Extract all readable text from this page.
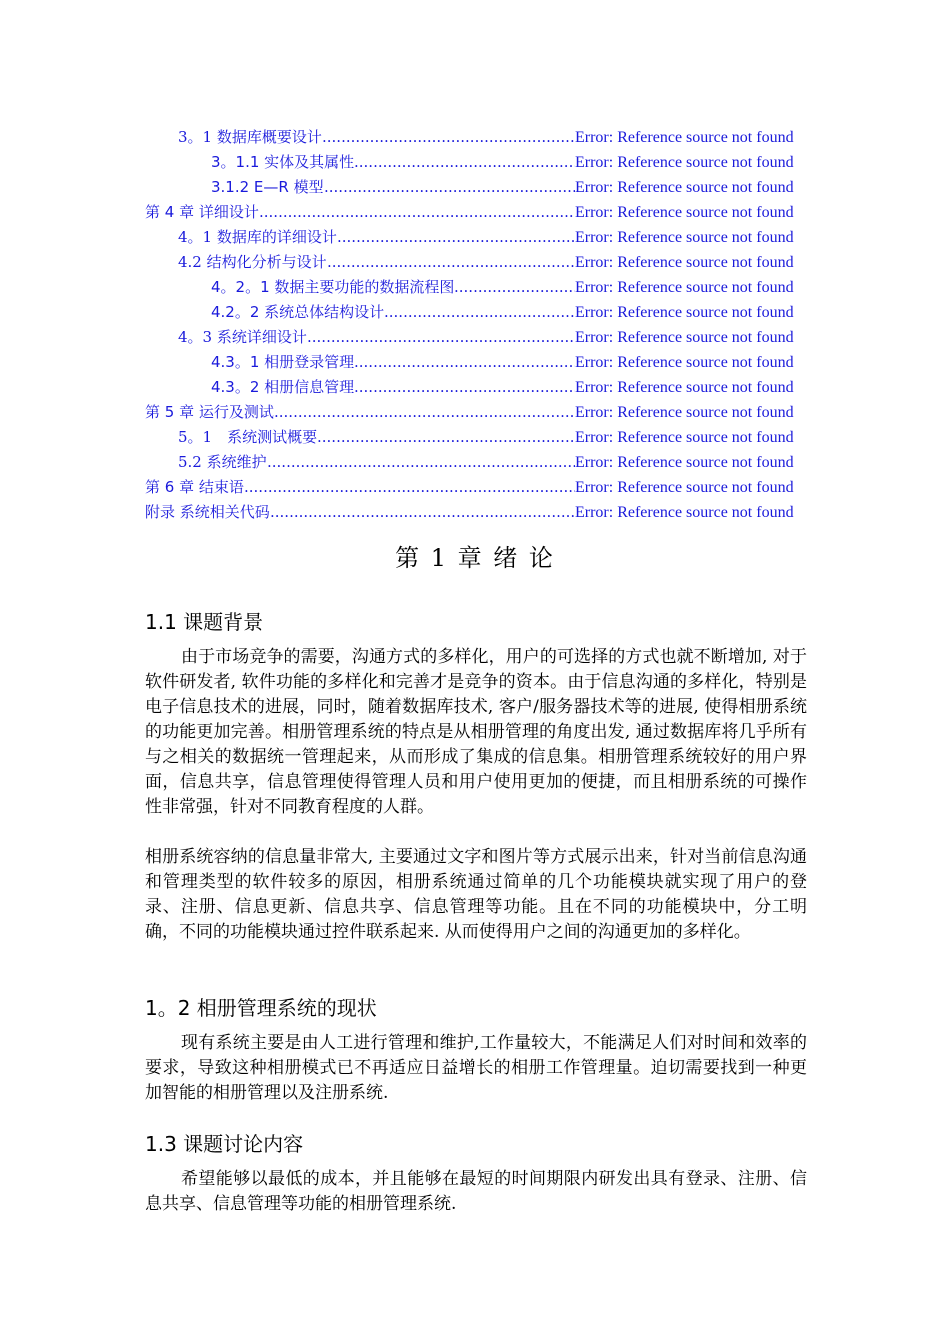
3。1 数据库概要设计	Error: Reference source not found
.....
3。1.1 实体及其属性	Error: Reference source not found
.....
3.1.2 E—R 模型	Error: Reference source not found
.....
第 4 章 详细设计	Error: Reference source not found
.....
4。1 数据库的详细设计	Error: Reference source not found
.....
4.2 结构化分析与设计	Error: Reference source not found
.....
4。2。1 数据主要功能的数据流程图	Error: Reference source not found
.....
4.2。2 系统总体结构设计	Error: Reference source not found
.....
4。3 系统详细设计	Error: Reference source not found
.....
4.3。1 相册登录管理	Error: Reference source not found
.....
4.3。2 相册信息管理	Error: Reference source not found
.....
第 5 章 运行及测试	Error: Reference source not found
.....
5。1　系统测试概要	Error: Reference source not found
.....
5.2 系统维护	Error: Reference source not found
.....
第 6 章 结束语	Error: Reference source not found
.....
附录 系统相关代码	Error: Reference source not found
.....
第 1 章 绪 论
1.1 课题背景
由于市场竞争的需要，沟通方式的多样化，用户的可选择的方式也就不断增加, 对于软件研发者, 软件功能的多样化和完善才是竞争的资本。由于信息沟通的多样化，特别是电子信息技术的进展，同时，随着数据库技术, 客户/服务器技术等的进展, 使得相册系统的功能更加完善。相册管理系统的特点是从相册管理的角度出发, 通过数据库将几乎所有与之相关的数据统一管理起来，从而形成了集成的信息集。相册管理系统较好的用户界面，信息共享，信息管理使得管理人员和用户使用更加的便捷，而且相册系统的可操作性非常强，针对不同教育程度的人群。
相册系统容纳的信息量非常大, 主要通过文字和图片等方式展示出来，针对当前信息沟通和管理类型的软件较多的原因，相册系统通过简单的几个功能模块就实现了用户的登录、注册、信息更新、信息共享、信息管理等功能。且在不同的功能模块中，分工明确，不同的功能模块通过控件联系起来. 从而使得用户之间的沟通更加的多样化。
1。2 相册管理系统的现状
现有系统主要是由人工进行管理和维护,工作量较大，不能满足人们对时间和效率的要求，导致这种相册模式已不再适应日益增长的相册工作管理量。迫切需要找到一种更加智能的相册管理以及注册系统.
1.3 课题讨论内容
希望能够以最低的成本，并且能够在最短的时间期限内研发出具有登录、注册、信息共享、信息管理等功能的相册管理系统.
